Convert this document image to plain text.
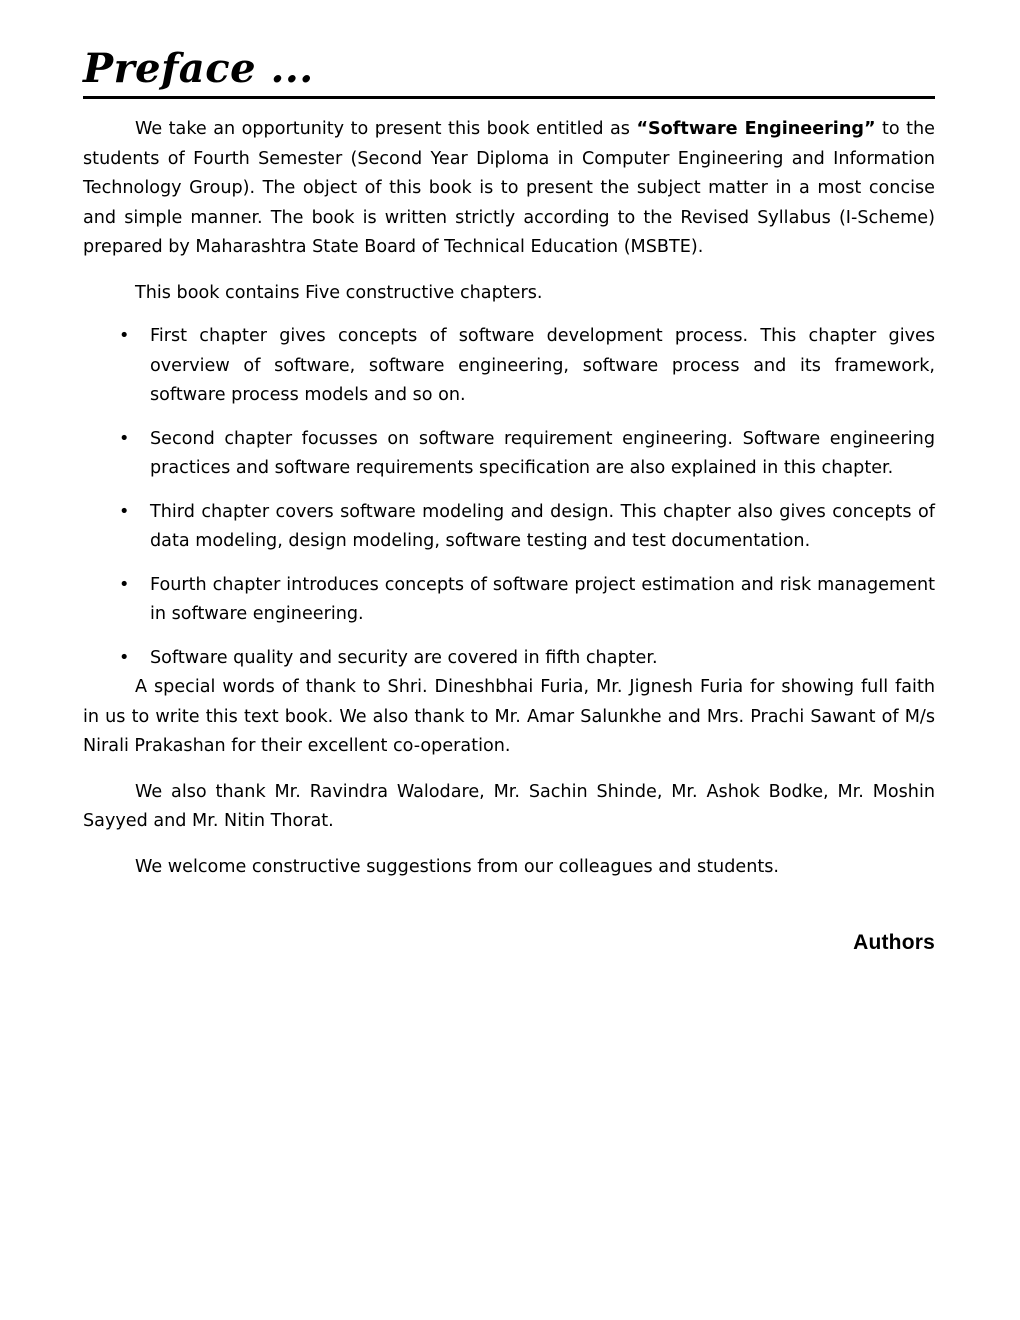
Preface ...

We take an opportunity to present this book entitled as “Software Engineering” to the students of Fourth Semester (Second Year Diploma in Computer Engineering and Information Technology Group). The object of this book is to present the subject matter in a most concise and simple manner. The book is written strictly according to the Revised Syllabus (I-Scheme) prepared by Maharashtra State Board of Technical Education (MSBTE).

This book contains Five constructive chapters.

• First chapter gives concepts of software development process. This chapter gives overview of software, software engineering, software process and its framework, software process models and so on.
• Second chapter focusses on software requirement engineering. Software engineering practices and software requirements specification are also explained in this chapter.
• Third chapter covers software modeling and design. This chapter also gives concepts of data modeling, design modeling, software testing and test documentation.
• Fourth chapter introduces concepts of software project estimation and risk management in software engineering.
• Software quality and security are covered in fifth chapter.

A special words of thank to Shri. Dineshbhai Furia, Mr. Jignesh Furia for showing full faith in us to write this text book. We also thank to Mr. Amar Salunkhe and Mrs. Prachi Sawant of M/s Nirali Prakashan for their excellent co-operation.

We also thank Mr. Ravindra Walodare, Mr. Sachin Shinde, Mr. Ashok Bodke, Mr. Moshin Sayyed and Mr. Nitin Thorat.

We welcome constructive suggestions from our colleagues and students.

Authors
